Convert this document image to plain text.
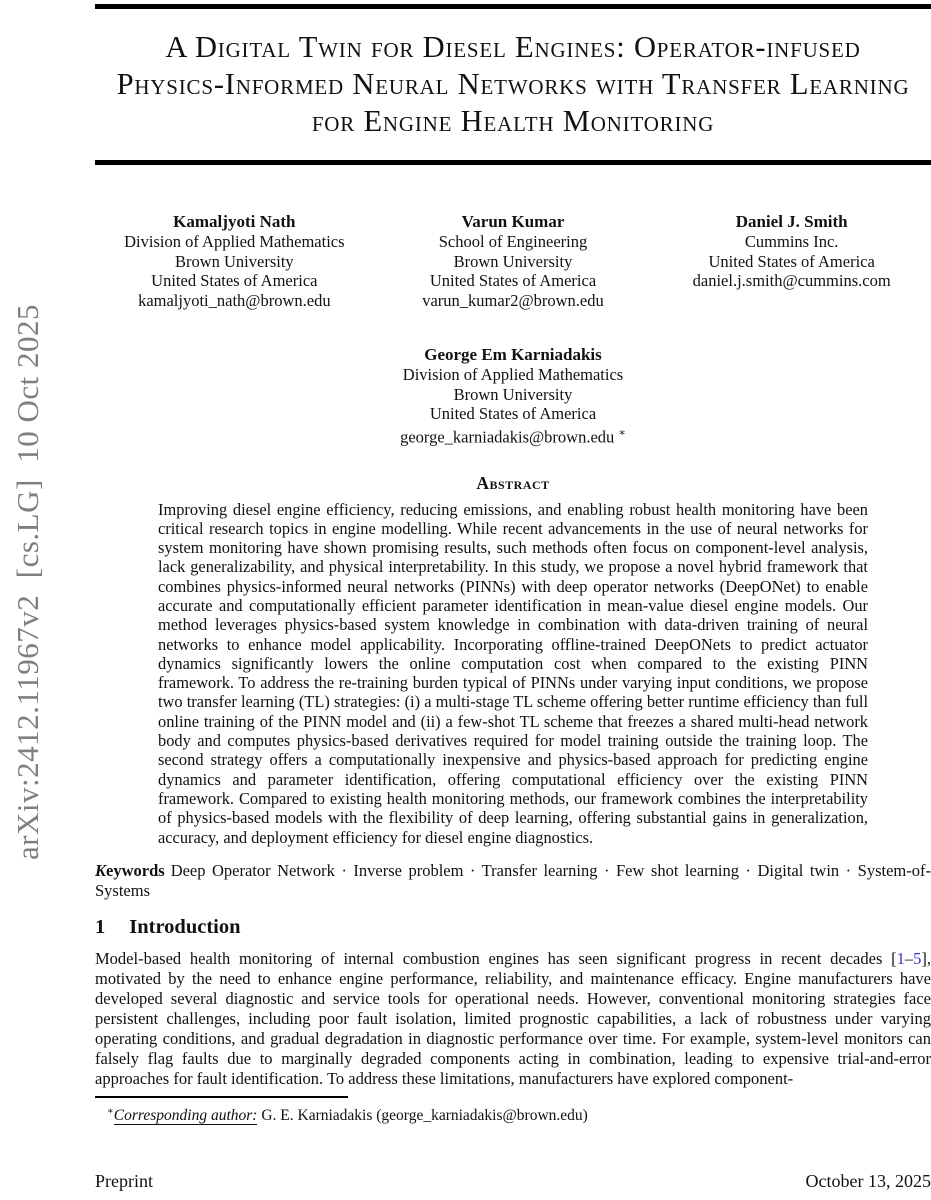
arXiv:2412.11967v2  [cs.LG]  10 Oct 2025
A Digital Twin for Diesel Engines: Operator-infused
Physics-Informed Neural Networks with Transfer Learning
for Engine Health Monitoring
Kamaljyoti Nath
Division of Applied Mathematics
Brown University
United States of America
kamaljyoti_nath@brown.edu
Varun Kumar
School of Engineering
Brown University
United States of America
varun_kumar2@brown.edu
Daniel J. Smith
Cummins Inc.
United States of America
daniel.j.smith@cummins.com
George Em Karniadakis
Division of Applied Mathematics
Brown University
United States of America
george_karniadakis@brown.edu ∗
Abstract
Improving diesel engine efficiency, reducing emissions, and enabling robust health monitoring have been critical research topics in engine modelling. While recent advancements in the use of neural networks for system monitoring have shown promising results, such methods often focus on component-level analysis, lack generalizability, and physical interpretability. In this study, we propose a novel hybrid framework that combines physics-informed neural networks (PINNs) with deep operator networks (DeepONet) to enable accurate and computationally efficient parameter identification in mean-value diesel engine models. Our method leverages physics-based system knowledge in combination with data-driven training of neural networks to enhance model applicability. Incorporating offline-trained DeepONets to predict actuator dynamics significantly lowers the online computation cost when compared to the existing PINN framework. To address the re-training burden typical of PINNs under varying input conditions, we propose two transfer learning (TL) strategies: (i) a multi-stage TL scheme offering better runtime efficiency than full online training of the PINN model and (ii) a few-shot TL scheme that freezes a shared multi-head network body and computes physics-based derivatives required for model training outside the training loop. The second strategy offers a computationally inexpensive and physics-based approach for predicting engine dynamics and parameter identification, offering computational efficiency over the existing PINN framework. Compared to existing health monitoring methods, our framework combines the interpretability of physics-based models with the flexibility of deep learning, offering substantial gains in generalization, accuracy, and deployment efficiency for diesel engine diagnostics.
Keywords Deep Operator Network · Inverse problem · Transfer learning · Few shot learning · Digital twin · System-of-Systems
1 Introduction
Model-based health monitoring of internal combustion engines has seen significant progress in recent decades [1–5], motivated by the need to enhance engine performance, reliability, and maintenance efficacy. Engine manufacturers have developed several diagnostic and service tools for operational needs. However, conventional monitoring strategies face persistent challenges, including poor fault isolation, limited prognostic capabilities, a lack of robustness under varying operating conditions, and gradual degradation in diagnostic performance over time. For example, system-level monitors can falsely flag faults due to marginally degraded components acting in combination, leading to expensive trial-and-error approaches for fault identification. To address these limitations, manufacturers have explored component-
∗Corresponding author: G. E. Karniadakis (george_karniadakis@brown.edu)
Preprint	October 13, 2025
